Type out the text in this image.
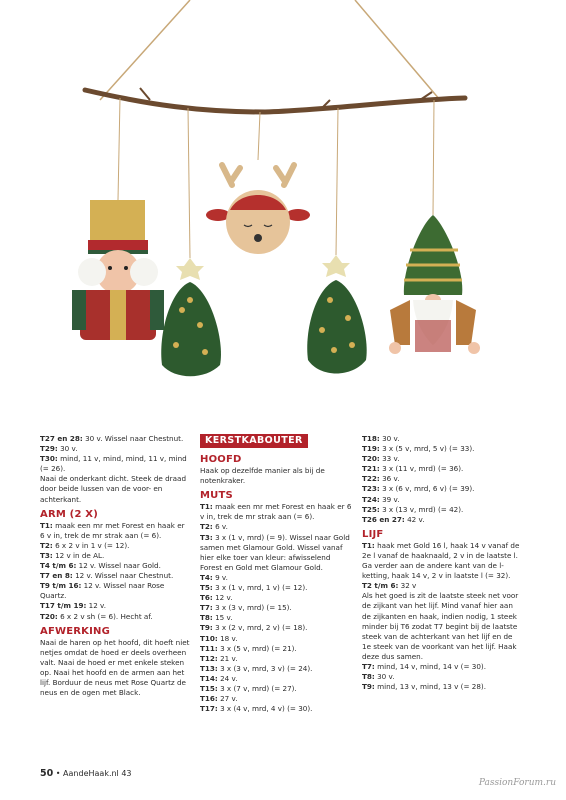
T27 en 28: 30 v. Wissel naar Chestnut.

T29: 30 v.

T30: mind, 11 v, mind, mind, 11 v, mind (= 26).

Naai de onderkant dicht. Steek de draad door beide lussen van de voor- en achterkant.

ARM (2 X)

T1: maak een mr met Forest en haak er 6 v in, trek de mr strak aan (= 6).

T2: 6 x 2 v in 1 v (= 12).

T3: 12 v in de AL.

T4 t/m 6: 12 v. Wissel naar Gold.

T7 en 8: 12 v. Wissel naar Chestnut.

T9 t/m 16: 12 v. Wissel naar Rose Quartz.

T17 t/m 19: 12 v.

T20: 6 x 2 v sh (= 6). Hecht af.

AFWERKING

Naai de haren op het hoofd, dit hoeft niet netjes omdat de hoed er deels overheen valt. Naai de hoed er met enkele steken op. Naai het hoofd en de armen aan het lijf. Borduur de neus met Rose Quartz de neus en de ogen met Black.

KERSTKABOUTER
HOOFD

Haak op dezelfde manier als bij de notenkraker.

MUTS

T1: maak een mr met Forest en haak er 6 v in, trek de mr strak aan (= 6).

T2: 6 v.

T3: 3 x (1 v, mrd) (= 9). Wissel naar Gold samen met Glamour Gold. Wissel vanaf hier elke toer van kleur: afwisselend Forest en Gold met Glamour Gold.

T4: 9 v.

T5: 3 x (1 v, mrd, 1 v) (= 12).

T6: 12 v.

T7: 3 x (3 v, mrd) (= 15).

T8: 15 v.

T9: 3 x (2 v, mrd, 2 v) (= 18).

T10: 18 v.

T11: 3 x (5 v, mrd) (= 21).

T12: 21 v.

T13: 3 x (3 v, mrd, 3 v) (= 24).

T14: 24 v.

T15: 3 x (7 v, mrd) (= 27).

T16: 27 v.

T17: 3 x (4 v, mrd, 4 v) (= 30).

T18: 30 v.

T19: 3 x (5 v, mrd, 5 v) (= 33).

T20: 33 v.

T21: 3 x (11 v, mrd) (= 36).

T22: 36 v.

T23: 3 x (6 v, mrd, 6 v) (= 39).

T24: 39 v.

T25: 3 x (13 v, mrd) (= 42).

T26 en 27: 42 v.

LIJF

T1: haak met Gold 16 l, haak 14 v vanaf de 2e l vanaf de haaknaald, 2 v in de laatste l.

Ga verder aan de andere kant van de l-ketting, haak 14 v, 2 v in laatste l (= 32).

T2 t/m 6: 32 v

Als het goed is zit de laatste steek net voor de zijkant van het lijf. Mind vanaf hier aan de zijkanten en haak, indien nodig, 1 steek minder bij T6 zodat T7 begint bij de laatste steek van de achterkant van het lijf en de 1e steek van de voorkant van het lijf. Haak deze dus samen.

T7: mind, 14 v, mind, 14 v (= 30).

T8: 30 v.

T9: mind, 13 v, mind, 13 v (= 28).

50 • AandeHaak.nl 43
PassionForum.ru
